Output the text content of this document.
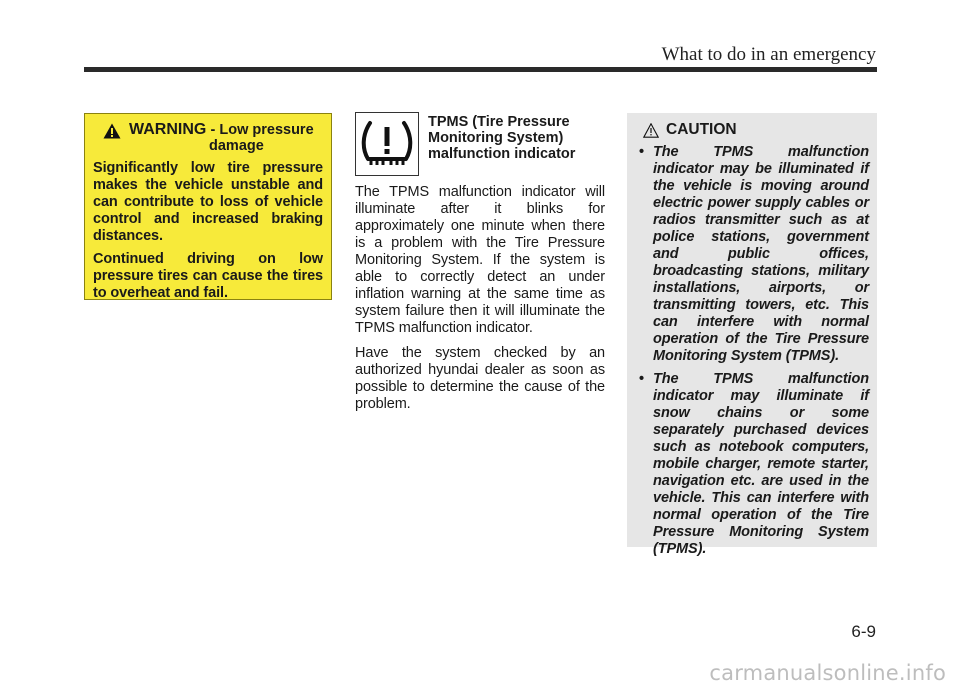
What to do in an emergency
WARNING - Low pressure
damage

Significantly low tire pressure makes the vehicle unstable and can contribute to loss of vehicle control and increased braking distances.

Continued driving on low pressure tires can cause the tires to overheat and fail.

TPMS (Tire Pressure
Monitoring System)
malfunction indicator

The TPMS malfunction indicator will illuminate after it blinks for approximately one minute when there is a problem with the Tire Pressure Monitoring System. If the system is able to correctly detect an under inflation warning at the same time as system failure then it will illuminate the TPMS malfunction indicator.

Have the system checked by an authorized hyundai dealer as soon as possible to determine the cause of the problem.

CAUTION
• The TPMS malfunction indicator may be illuminated if the vehicle is moving around electric power supply cables or radios transmitter such as at police stations, government and public offices, broadcasting stations, military installations, airports, or transmitting towers, etc. This can interfere with normal operation of the Tire Pressure Monitoring System (TPMS).
• The TPMS malfunction indicator may illuminate if snow chains or some separately purchased devices such as notebook computers, mobile charger, remote starter, navigation etc. are used in the vehicle. This can interfere with normal operation of the Tire Pressure Monitoring System (TPMS).
6-9
carmanualsonline.info
